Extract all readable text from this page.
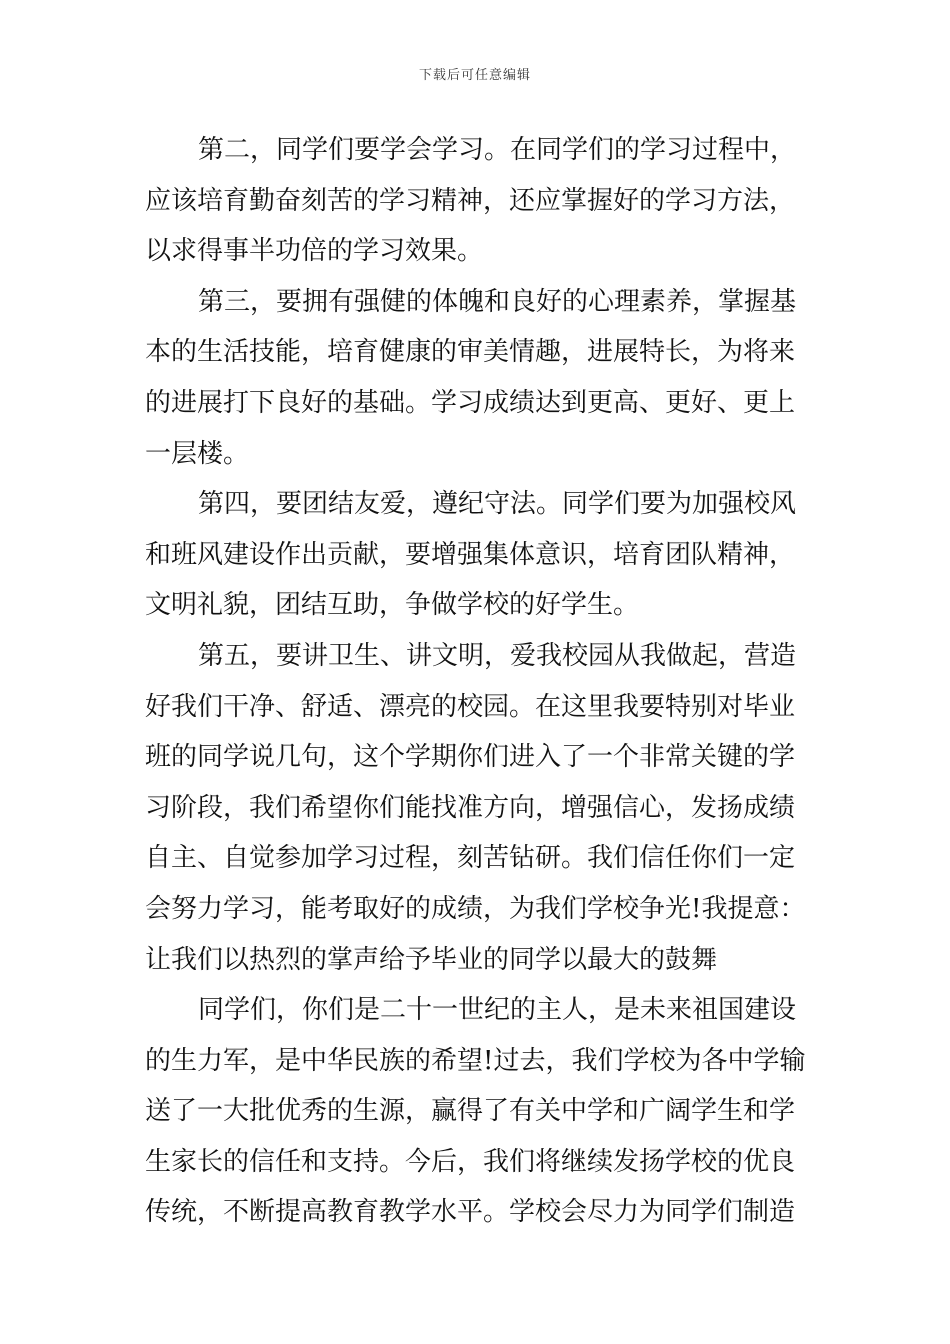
下载后可任意编辑
第二，同学们要学会学习。在同学们的学习过程中，
应该培育勤奋刻苦的学习精神，还应掌握好的学习方法，
以求得事半功倍的学习效果。
第三，要拥有强健的体魄和良好的心理素养，掌握基
本的生活技能，培育健康的审美情趣，进展特长，为将来
的进展打下良好的基础。学习成绩达到更高、更好、更上
一层楼。
第四，要团结友爱，遵纪守法。同学们要为加强校风
和班风建设作出贡献，要增强集体意识，培育团队精神，
文明礼貌，团结互助，争做学校的好学生。
第五，要讲卫生、讲文明，爱我校园从我做起，营造
好我们干净、舒适、漂亮的校园。在这里我要特别对毕业
班的同学说几句，这个学期你们进入了一个非常关键的学
习阶段，我们希望你们能找准方向，增强信心，发扬成绩
自主、自觉参加学习过程，刻苦钻研。我们信任你们一定
会努力学习，能考取好的成绩，为我们学校争光!我提意：
让我们以热烈的掌声给予毕业的同学以最大的鼓舞
同学们，你们是二十一世纪的主人，是未来祖国建设
的生力军，是中华民族的希望!过去，我们学校为各中学输
送了一大批优秀的生源，赢得了有关中学和广阔学生和学
生家长的信任和支持。今后，我们将继续发扬学校的优良
传统，不断提高教育教学水平。学校会尽力为同学们制造
